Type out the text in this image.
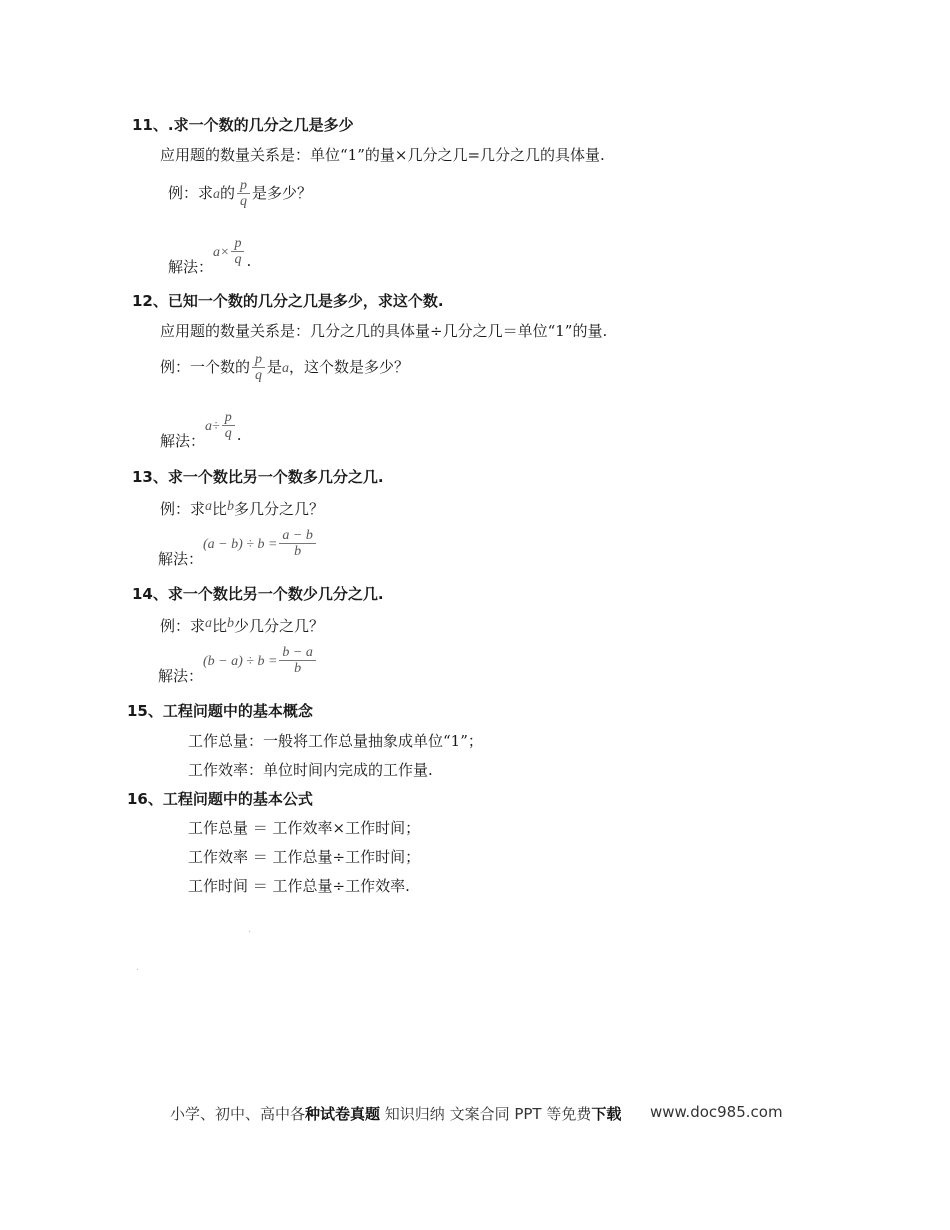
11、.求一个数的几分之几是多少
应用题的数量关系是：单位“1”的量×几分之几=几分之几的具体量.
例：求a的 $\frac{p}{q}$ 是多少？
解法：$a\times \frac{p}{q}$ .
12、已知一个数的几分之几是多少，求这个数.
应用题的数量关系是：几分之几的具体量÷几分之几＝单位“1”的量.
例：一个数的 $\frac{p}{q}$ 是a，这个数是多少？
解法：$a\div \frac{p}{q}$ .
13、求一个数比另一个数多几分之几.
例：求a比b多几分之几？
解法：$(a - b) \div b = \frac{a - b}{b}$
14、求一个数比另一个数少几分之几.
例：求a比b少几分之几？
解法：$(b - a) \div b = \frac{b - a}{b}$
15、工程问题中的基本概念
工作总量：一般将工作总量抽象成单位“1”；
工作效率：单位时间内完成的工作量.
16、工程问题中的基本公式
工作总量 ＝ 工作效率×工作时间；
工作效率 ＝ 工作总量÷工作时间；
工作时间 ＝ 工作总量÷工作效率.
.
.
小学、初中、高中各种试卷真题 知识归纳 文案合同 PPT 等免费下载 www.doc985.com
